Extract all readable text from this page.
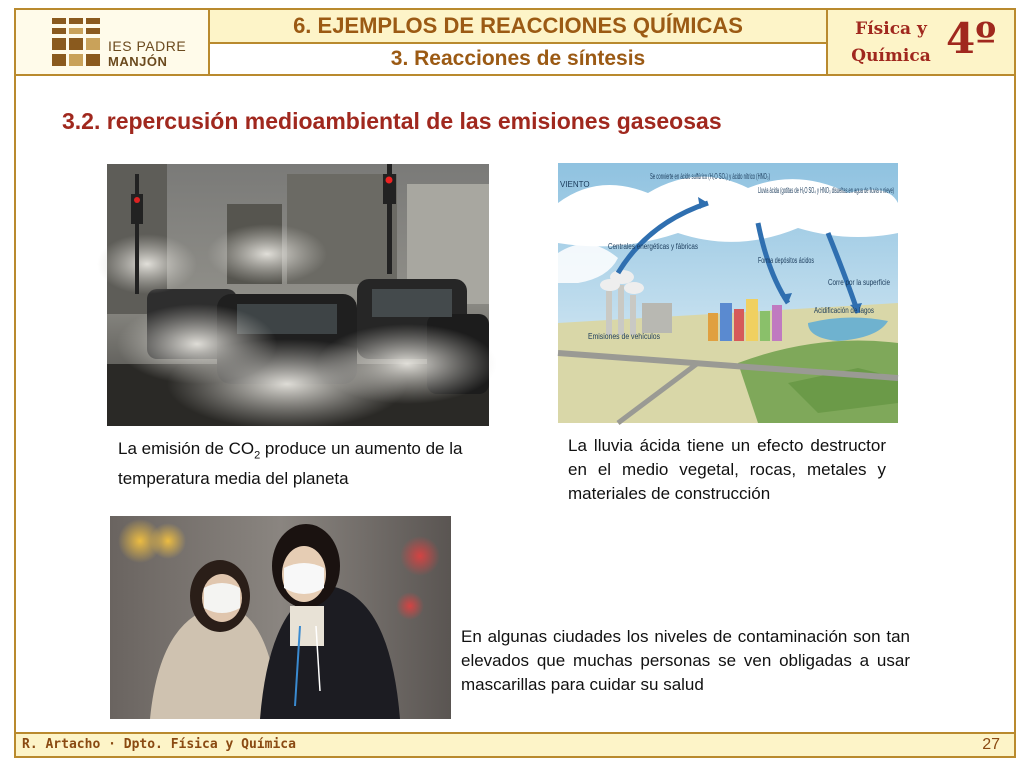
IES PADRE
MANJÓN
6. EJEMPLOS DE REACCIONES QUÍMICAS
3. Reacciones de síntesis
Física y Química 4º
3.2. repercusión medioambiental de las emisiones gaseosas
VIENTO
Se convierte en ácido sulfúrico (H₂O SO₄) y ácido nítrico (HNO₃)
Lluvia ácida (gotitas de H₂O SO₄ y HNO₃ disueltas en agua de lluvia o nieve)
Centrales energéticas y fábricas
Forma depósitos ácidos
Corre por la superficie
Acidificación de lagos
Emisiones de vehículos
La emisión de $CO_2$ produce un aumento de la temperatura media del planeta
La lluvia ácida tiene un efecto destructor en el medio vegetal, rocas, metales y materiales de construcción
En algunas ciudades los niveles de contaminación son tan elevados que muchas personas se ven obligadas a usar mascarillas para cuidar su salud
R. Artacho · Dpto. Física y Química	27
